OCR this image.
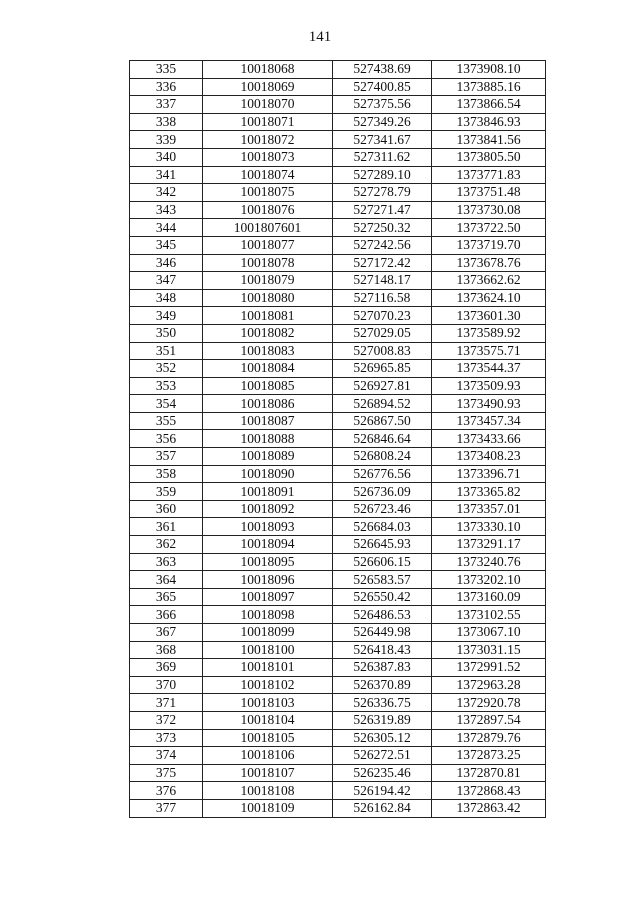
141
335	10018068	527438.69	1373908.10
336	10018069	527400.85	1373885.16
337	10018070	527375.56	1373866.54
338	10018071	527349.26	1373846.93
339	10018072	527341.67	1373841.56
340	10018073	527311.62	1373805.50
341	10018074	527289.10	1373771.83
342	10018075	527278.79	1373751.48
343	10018076	527271.47	1373730.08
344	1001807601	527250.32	1373722.50
345	10018077	527242.56	1373719.70
346	10018078	527172.42	1373678.76
347	10018079	527148.17	1373662.62
348	10018080	527116.58	1373624.10
349	10018081	527070.23	1373601.30
350	10018082	527029.05	1373589.92
351	10018083	527008.83	1373575.71
352	10018084	526965.85	1373544.37
353	10018085	526927.81	1373509.93
354	10018086	526894.52	1373490.93
355	10018087	526867.50	1373457.34
356	10018088	526846.64	1373433.66
357	10018089	526808.24	1373408.23
358	10018090	526776.56	1373396.71
359	10018091	526736.09	1373365.82
360	10018092	526723.46	1373357.01
361	10018093	526684.03	1373330.10
362	10018094	526645.93	1373291.17
363	10018095	526606.15	1373240.76
364	10018096	526583.57	1373202.10
365	10018097	526550.42	1373160.09
366	10018098	526486.53	1373102.55
367	10018099	526449.98	1373067.10
368	10018100	526418.43	1373031.15
369	10018101	526387.83	1372991.52
370	10018102	526370.89	1372963.28
371	10018103	526336.75	1372920.78
372	10018104	526319.89	1372897.54
373	10018105	526305.12	1372879.76
374	10018106	526272.51	1372873.25
375	10018107	526235.46	1372870.81
376	10018108	526194.42	1372868.43
377	10018109	526162.84	1372863.42
